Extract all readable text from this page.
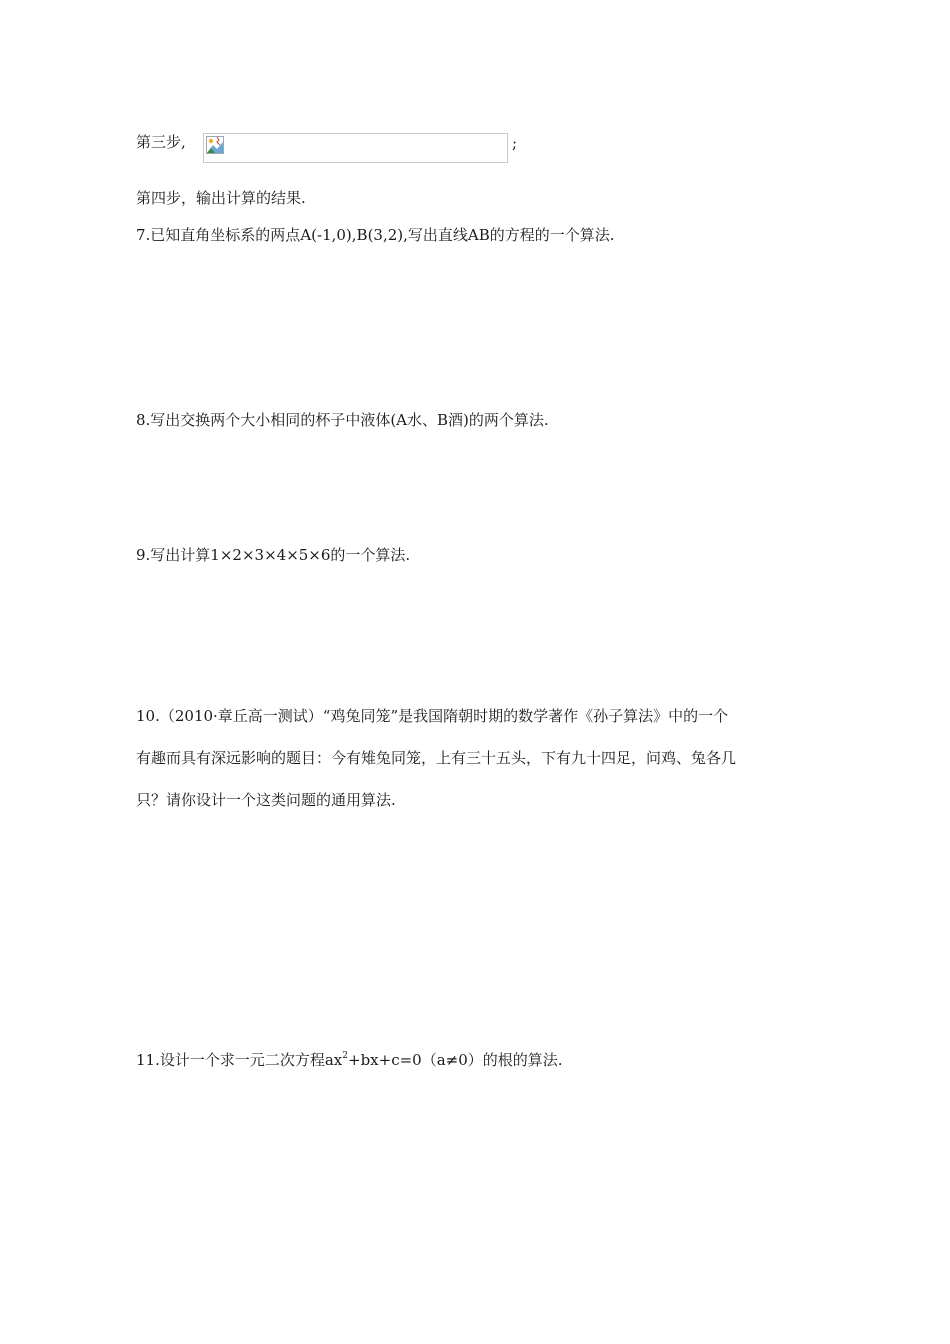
第三步,	;
第四步，输出计算的结果.
7.已知直角坐标系的两点A(-1,0),B(3,2),写出直线AB的方程的一个算法.
8.写出交换两个大小相同的杯子中液体(A水、B酒)的两个算法.
9.写出计算1×2×3×4×5×6的一个算法.
10.（2010·章丘高一测试）“鸡兔同笼”是我国隋朝时期的数学著作《孙子算法》中的一个
有趣而具有深远影响的题目：今有雉兔同笼，上有三十五头，下有九十四足，问鸡、兔各几
只？请你设计一个这类问题的通用算法.
11.设计一个求一元二次方程$ax^2+bx+c=0(a\ne 0)$的根的算法.
